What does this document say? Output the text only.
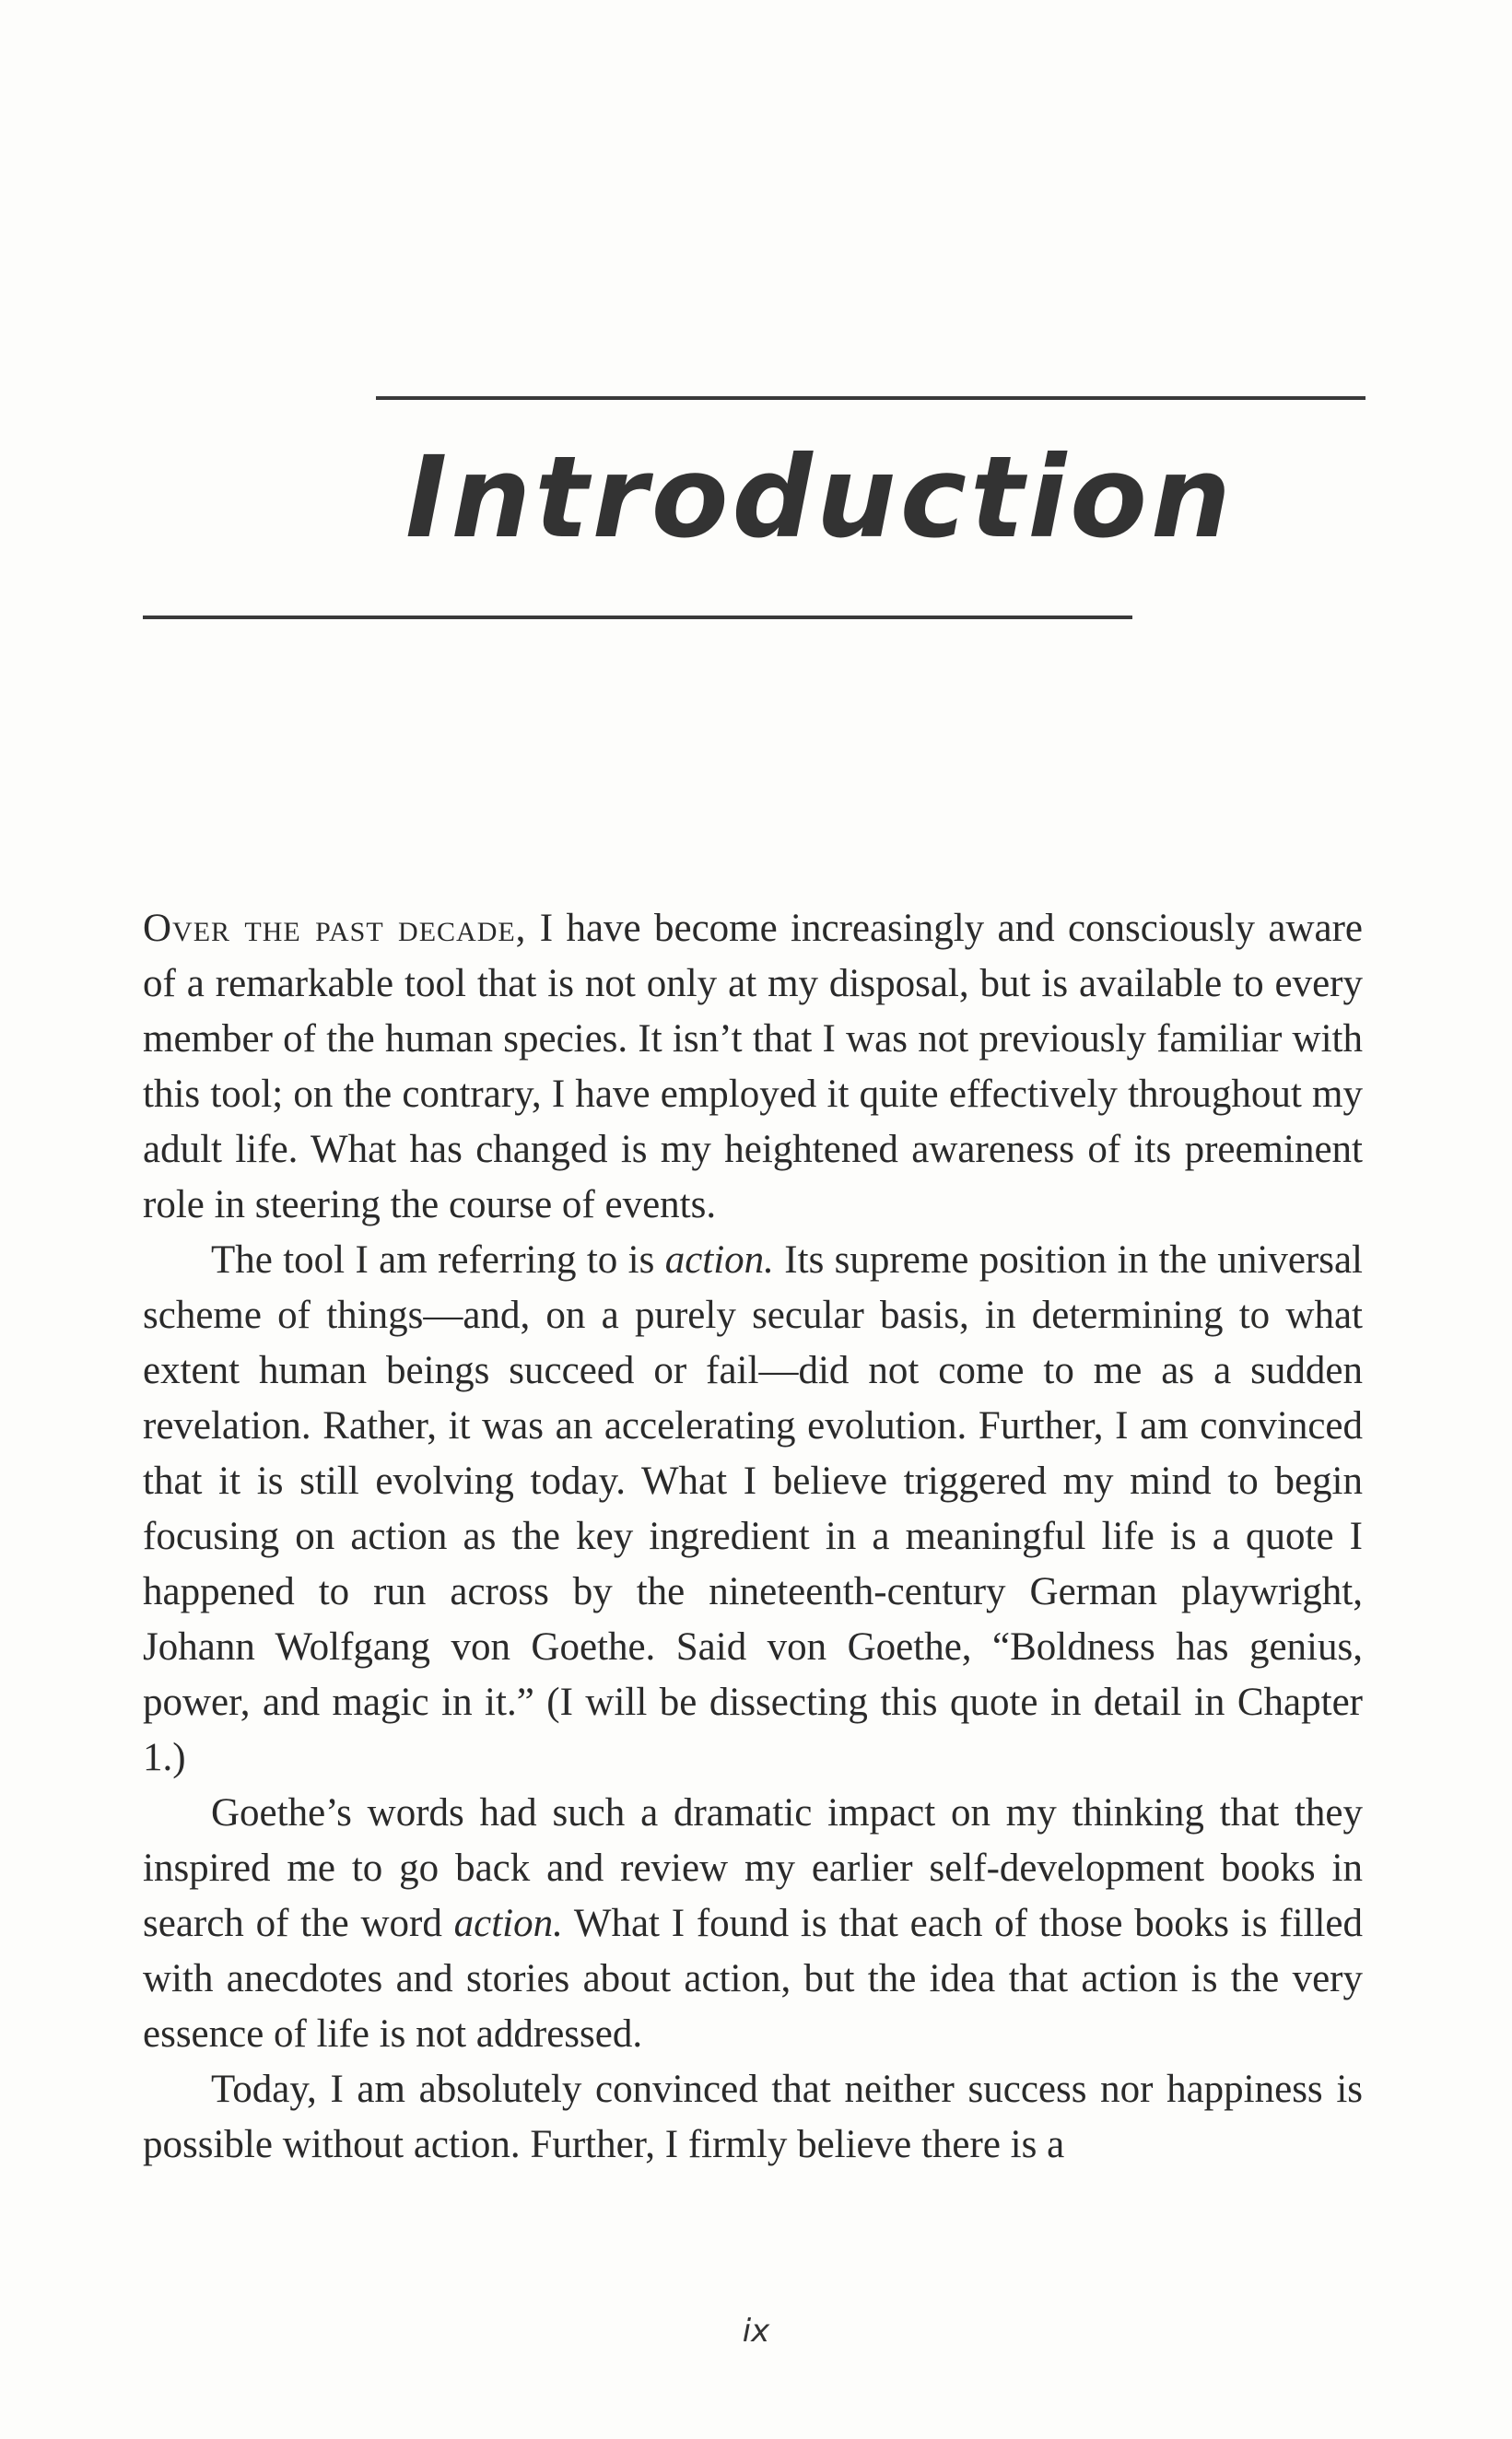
Introduction

Over the past decade, I have become increasingly and consciously aware of a remarkable tool that is not only at my disposal, but is available to every member of the human species. It isn’t that I was not previously familiar with this tool; on the contrary, I have employed it quite effectively throughout my adult life. What has changed is my heightened awareness of its preeminent role in steering the course of events.

The tool I am referring to is action. Its supreme position in the universal scheme of things—and, on a purely secular basis, in determining to what extent human beings succeed or fail—did not come to me as a sudden revelation. Rather, it was an accelerating evolution. Further, I am convinced that it is still evolving today. What I believe triggered my mind to begin focusing on action as the key ingredient in a meaningful life is a quote I happened to run across by the nineteenth-century German playwright, Johann Wolfgang von Goethe. Said von Goethe, “Boldness has genius, power, and magic in it.” (I will be dissecting this quote in detail in Chapter 1.)

Goethe’s words had such a dramatic impact on my thinking that they inspired me to go back and review my earlier self-development books in search of the word action. What I found is that each of those books is filled with anecdotes and stories about action, but the idea that action is the very essence of life is not addressed.

Today, I am absolutely convinced that neither success nor happiness is possible without action. Further, I firmly believe there is a

ix
